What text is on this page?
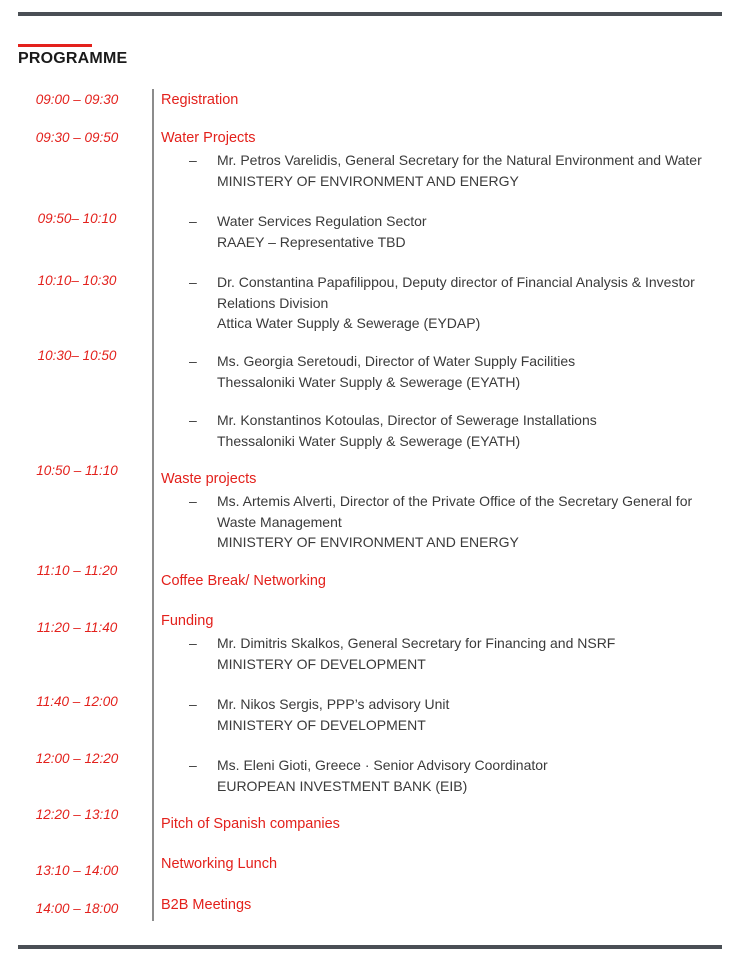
PROGRAMME
09:00 – 09:30
09:30 – 09:50
09:50– 10:10
10:10– 10:30
10:30– 10:50
10:50 – 11:10
11:10 – 11:20
11:20 – 11:40
11:40 – 12:00
12:00 – 12:20
12:20 – 13:10
13:10 – 14:00
14:00 – 18:00
Registration
Water Projects
Waste projects
Coffee Break/ Networking
Funding
Pitch of Spanish companies
Networking Lunch
B2B Meetings
– Mr. Petros Varelidis, General Secretary for the Natural Environment and Water
MINISTERY OF ENVIRONMENT AND ENERGY
– Water Services Regulation Sector
RAAEY – Representative TBD
– Dr. Constantina Papafilippou, Deputy director of Financial Analysis & Investor Relations Division
Attica Water Supply & Sewerage (EYDAP)
– Ms. Georgia Seretoudi, Director of Water Supply Facilities
Thessaloniki Water Supply & Sewerage (EYATH)
– Mr. Konstantinos Kotoulas, Director of Sewerage Installations
Thessaloniki Water Supply & Sewerage (EYATH)
– Ms. Artemis Alverti, Director of the Private Office of the Secretary General for Waste Management
MINISTERY OF ENVIRONMENT AND ENERGY
– Mr. Dimitris Skalkos, General Secretary for Financing and NSRF
MINISTERY OF DEVELOPMENT
– Mr. Nikos Sergis, PPP’s advisory Unit
MINISTERY OF DEVELOPMENT
– Ms. Eleni Gioti, Greece · Senior Advisory Coordinator
EUROPEAN INVESTMENT BANK (EIB)
